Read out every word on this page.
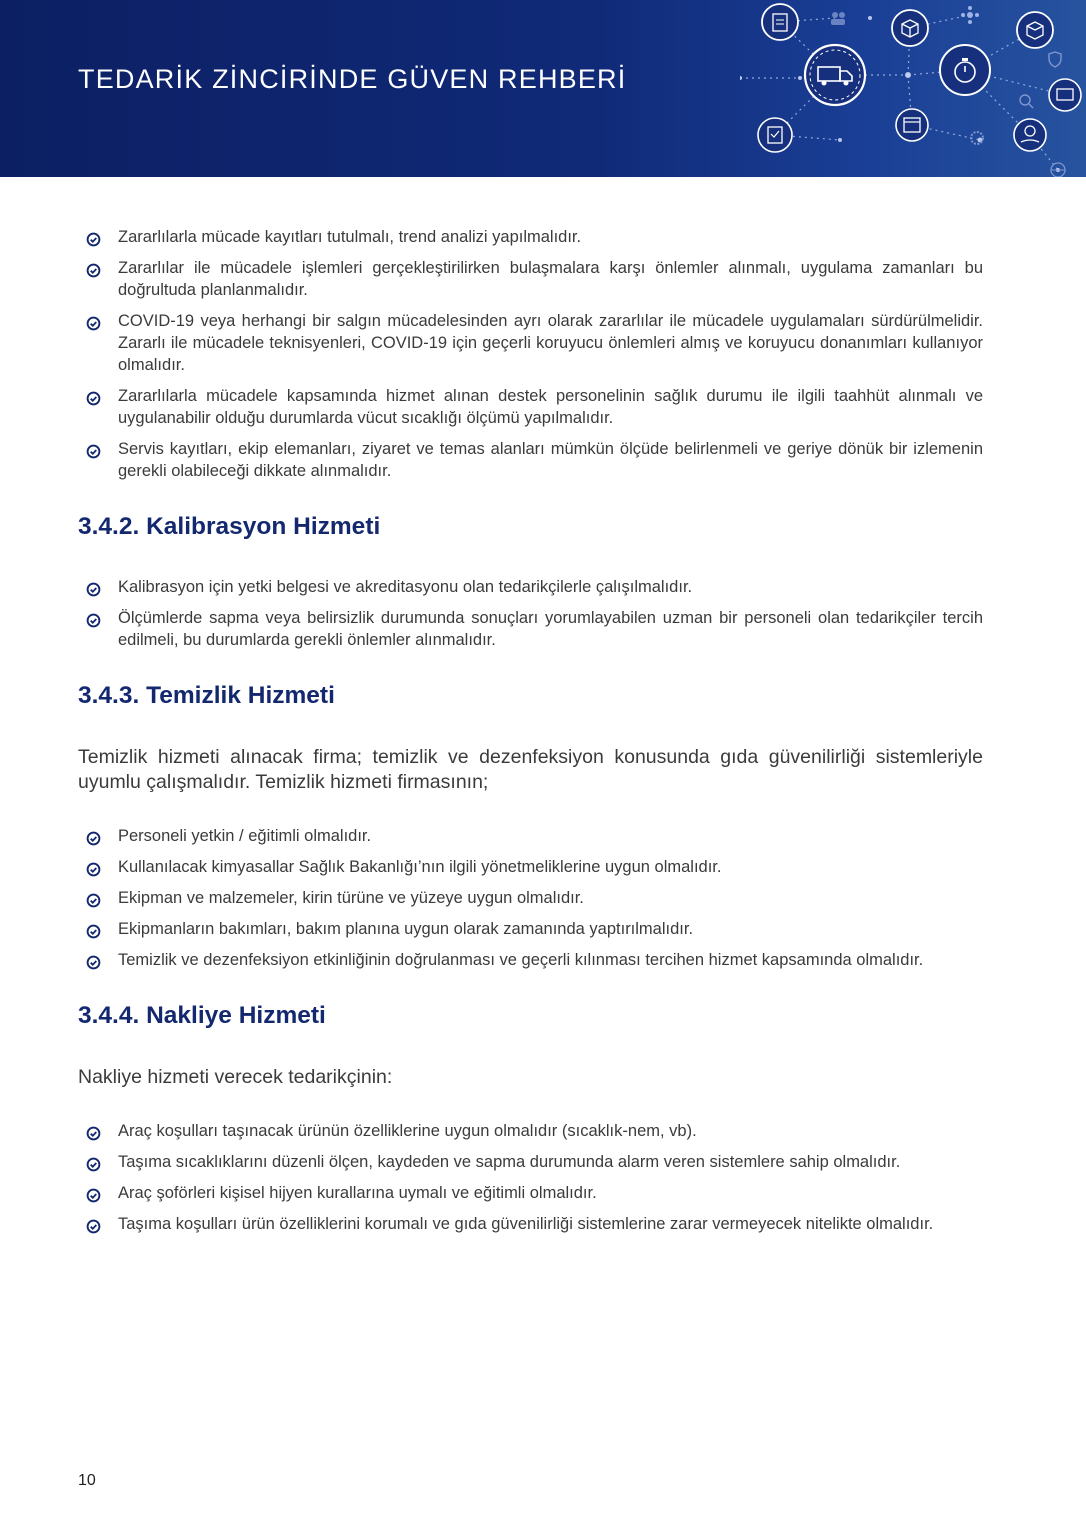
TEDARİK ZİNCİRİNDE GÜVEN REHBERİ
Zararlılarla mücade kayıtları tutulmalı, trend analizi yapılmalıdır.
Zararlılar ile mücadele işlemleri gerçekleştirilirken bulaşmalara karşı önlemler alınmalı, uygulama zamanları bu doğrultuda planlanmalıdır.
COVID-19 veya herhangi bir salgın mücadelesinden ayrı olarak zararlılar ile mücadele uygulamaları sürdürülmelidir. Zararlı ile mücadele teknisyenleri, COVID-19 için geçerli koruyucu önlemleri almış ve koruyucu donanımları kullanıyor olmalıdır.
Zararlılarla mücadele kapsamında hizmet alınan destek personelinin sağlık durumu ile ilgili taahhüt alınmalı ve uygulanabilir olduğu durumlarda vücut sıcaklığı ölçümü yapılmalıdır.
Servis kayıtları, ekip elemanları, ziyaret ve temas alanları mümkün ölçüde belirlenmeli ve geriye dönük bir izlemenin gerekli olabileceği dikkate alınmalıdır.
3.4.2. Kalibrasyon Hizmeti
Kalibrasyon için yetki belgesi ve akreditasyonu olan tedarikçilerle çalışılmalıdır.
Ölçümlerde sapma veya belirsizlik durumunda sonuçları yorumlayabilen uzman bir personeli olan tedarikçiler tercih edilmeli, bu durumlarda gerekli önlemler alınmalıdır.
3.4.3. Temizlik Hizmeti

Temizlik hizmeti alınacak firma; temizlik ve dezenfeksiyon konusunda gıda güvenilirliği sistemleriyle uyumlu çalışmalıdır. Temizlik hizmeti firmasının;

Personeli yetkin / eğitimli olmalıdır.
Kullanılacak kimyasallar Sağlık Bakanlığı’nın ilgili yönetmeliklerine uygun olmalıdır.
Ekipman ve malzemeler, kirin türüne ve yüzeye uygun olmalıdır.
Ekipmanların bakımları, bakım planına uygun olarak zamanında yaptırılmalıdır.
Temizlik ve dezenfeksiyon etkinliğinin doğrulanması ve geçerli kılınması tercihen hizmet kapsamında olmalıdır.
3.4.4. Nakliye Hizmeti

Nakliye hizmeti verecek tedarikçinin:

Araç koşulları taşınacak ürünün özelliklerine uygun olmalıdır (sıcaklık-nem, vb).
Taşıma sıcaklıklarını düzenli ölçen, kaydeden ve sapma durumunda alarm veren sistemlere sahip olmalıdır.
Araç şoförleri kişisel hijyen kurallarına uymalı ve eğitimli olmalıdır.
Taşıma koşulları ürün özelliklerini korumalı ve gıda güvenilirliği sistemlerine zarar vermeyecek nitelikte olmalıdır.
10
